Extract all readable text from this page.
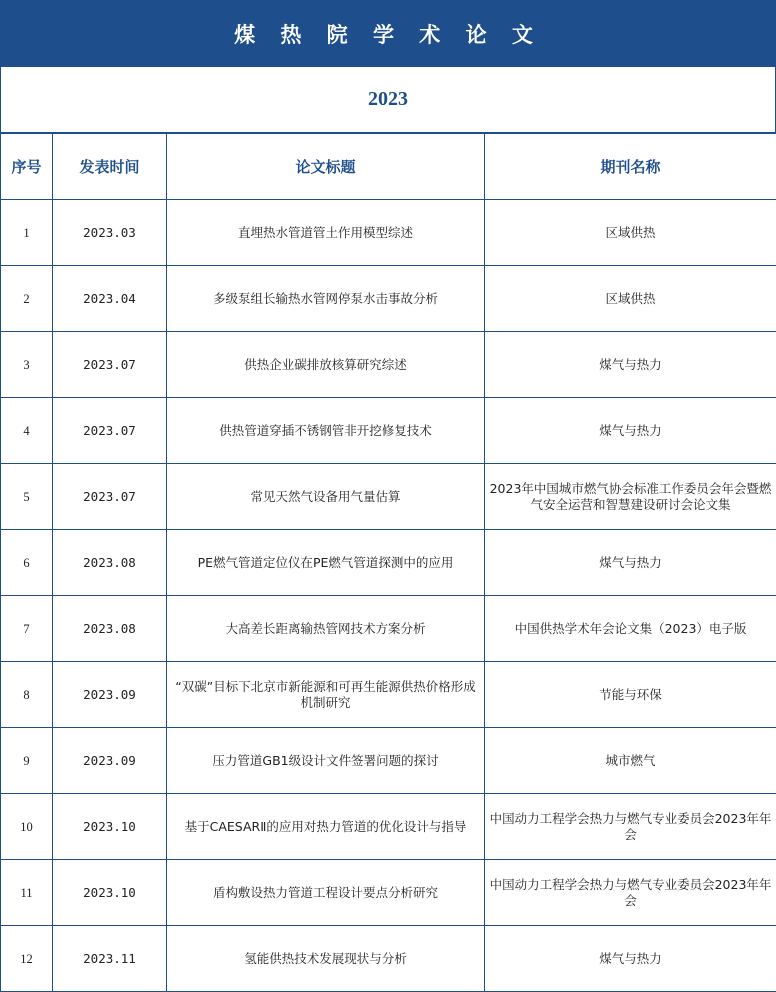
煤 热 院 学 术 论 文
2023
序号	发表时间	论文标题	期刊名称
1	2023.03	直埋热水管道管土作用模型综述	区域供热
2	2023.04	多级泵组长输热水管网停泵水击事故分析	区域供热
3	2023.07	供热企业碳排放核算研究综述	煤气与热力
4	2023.07	供热管道穿插不锈钢管非开挖修复技术	煤气与热力
5	2023.07	常见天然气设备用气量估算	2023年中国城市燃气协会标准工作委员会年会暨燃气安全运营和智慧建设研讨会论文集
6	2023.08	PE燃气管道定位仪在PE燃气管道探测中的应用	煤气与热力
7	2023.08	大高差长距离输热管网技术方案分析	中国供热学术年会论文集（2023）电子版
8	2023.09	“双碳”目标下北京市新能源和可再生能源供热价格形成机制研究	节能与环保
9	2023.09	压力管道GB1级设计文件签署问题的探讨	城市燃气
10	2023.10	基于CAESARⅡ的应用对热力管道的优化设计与指导	中国动力工程学会热力与燃气专业委员会2023年年会
11	2023.10	盾构敷设热力管道工程设计要点分析研究	中国动力工程学会热力与燃气专业委员会2023年年会
12	2023.11	氢能供热技术发展现状与分析	煤气与热力
